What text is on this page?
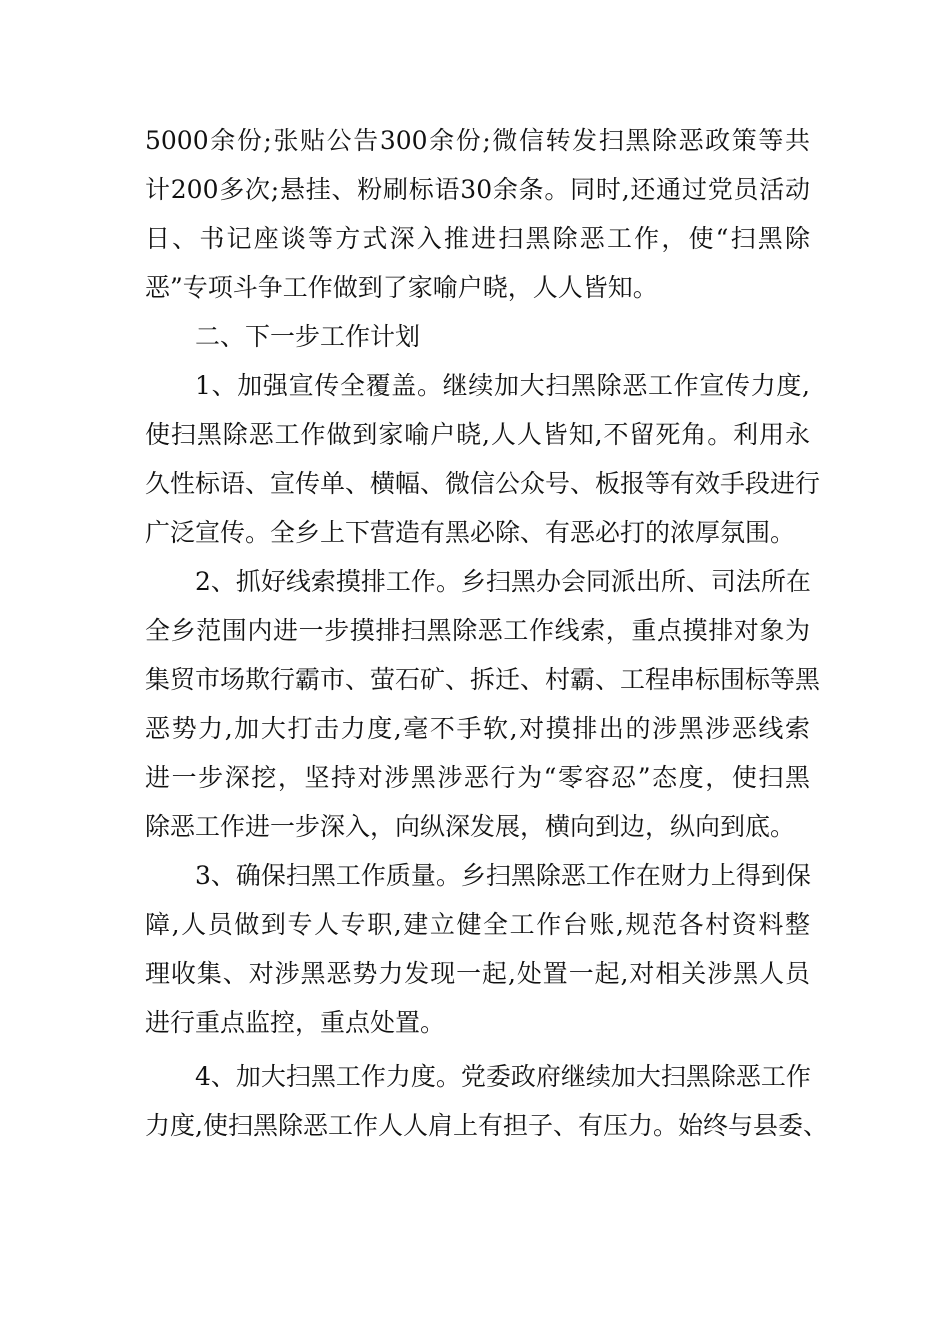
5000余份;张贴公告300余份;微信转发扫黑除恶政策等共
计200多次;悬挂、粉刷标语30余条。同时,还通过党员活动
日、书记座谈等方式深入推进扫黑除恶工作，使“扫黑除
恶”专项斗争工作做到了家喻户晓，人人皆知。
二、下一步工作计划
1、加强宣传全覆盖。继续加大扫黑除恶工作宣传力度,
使扫黑除恶工作做到家喻户晓,人人皆知,不留死角。利用永
久性标语、宣传单、横幅、微信公众号、板报等有效手段进行
广泛宣传。全乡上下营造有黑必除、有恶必打的浓厚氛围。
2、抓好线索摸排工作。乡扫黑办会同派出所、司法所在
全乡范围内进一步摸排扫黑除恶工作线索，重点摸排对象为
集贸市场欺行霸市、萤石矿、拆迁、村霸、工程串标围标等黑
恶势力,加大打击力度,毫不手软,对摸排出的涉黑涉恶线索
进一步深挖，坚持对涉黑涉恶行为“零容忍”态度，使扫黑
除恶工作进一步深入，向纵深发展，横向到边，纵向到底。
3、确保扫黑工作质量。乡扫黑除恶工作在财力上得到保
障,人员做到专人专职,建立健全工作台账,规范各村资料整
理收集、对涉黑恶势力发现一起,处置一起,对相关涉黑人员
进行重点监控，重点处置。
4、加大扫黑工作力度。党委政府继续加大扫黑除恶工作
力度,使扫黑除恶工作人人肩上有担子、有压力。始终与县委、
